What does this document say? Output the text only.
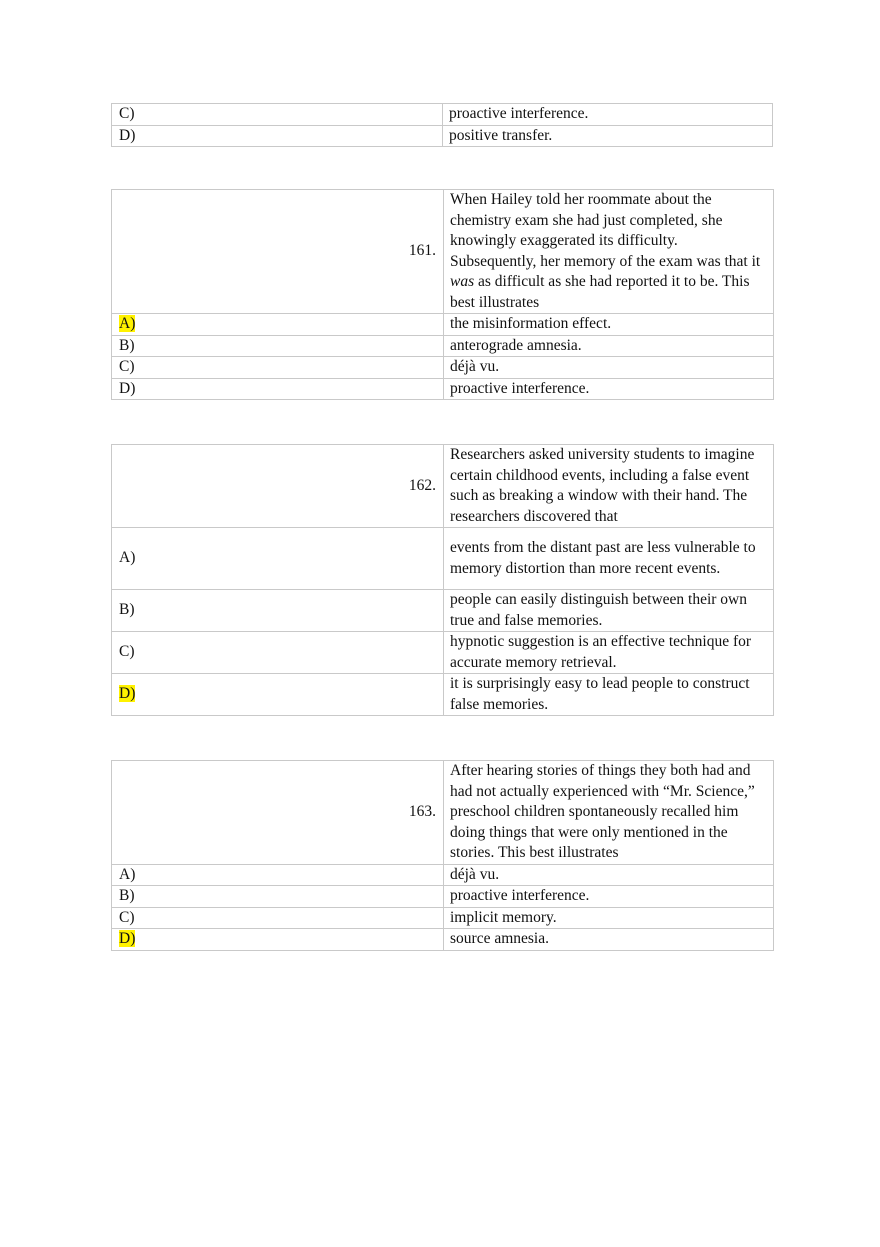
C)	proactive interference.
D)	positive transfer.
161.	When Hailey told her roommate about the chemistry exam she had just completed, she knowingly exaggerated its difficulty. Subsequently, her memory of the exam was that it was as difficult as she had reported it to be. This best illustrates
A)	the misinformation effect.
B)	anterograde amnesia.
C)	déjà vu.
D)	proactive interference.
162.	Researchers asked university students to imagine certain childhood events, including a false event such as breaking a window with their hand. The researchers discovered that
A)	events from the distant past are less vulnerable to memory distortion than more recent events.
B)	people can easily distinguish between their own true and false memories.
C)	hypnotic suggestion is an effective technique for accurate memory retrieval.
D)	it is surprisingly easy to lead people to construct false memories.
163.	After hearing stories of things they both had and had not actually experienced with “Mr. Science,” preschool children spontaneously recalled him doing things that were only mentioned in the stories. This best illustrates
A)	déjà vu.
B)	proactive interference.
C)	implicit memory.
D)	source amnesia.
